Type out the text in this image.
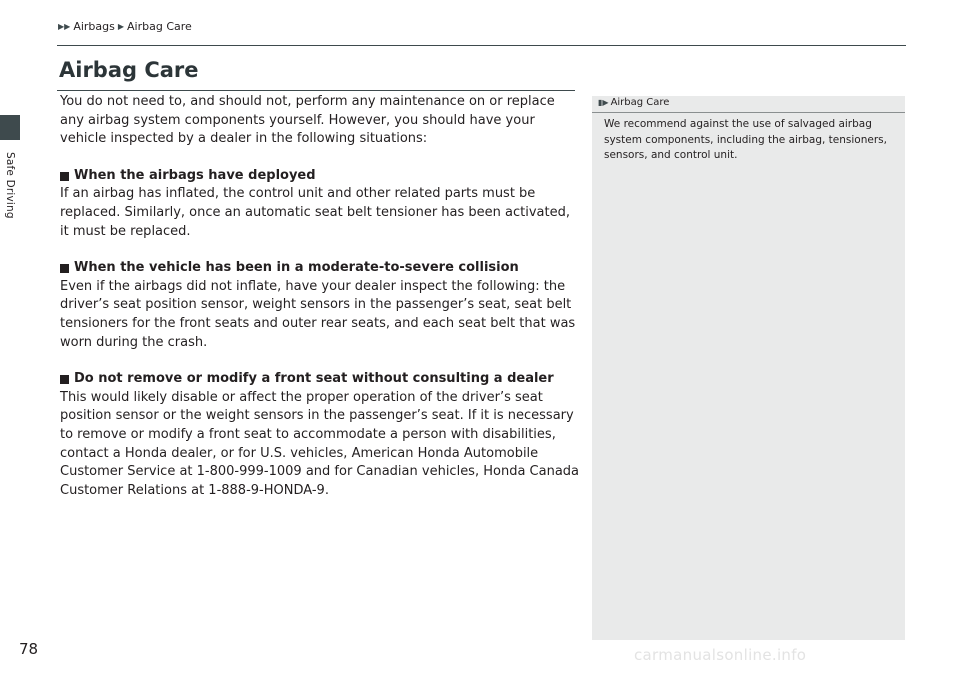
Safe Driving
▶▶ Airbags ▶ Airbag Care
Airbag Care

You do not need to, and should not, perform any maintenance on or replace any airbag system components yourself. However, you should have your vehicle inspected by a dealer in the following situations:

When the airbags have deployed

If an airbag has inflated, the control unit and other related parts must be replaced. Similarly, once an automatic seat belt tensioner has been activated, it must be replaced.

When the vehicle has been in a moderate-to-severe collision

Even if the airbags did not inflate, have your dealer inspect the following: the driver’s seat position sensor, weight sensors in the passenger’s seat, seat belt tensioners for the front seats and outer rear seats, and each seat belt that was worn during the crash.

Do not remove or modify a front seat without consulting a dealer

This would likely disable or affect the proper operation of the driver’s seat position sensor or the weight sensors in the passenger’s seat. If it is necessary to remove or modify a front seat to accommodate a person with disabilities, contact a Honda dealer, or for U.S. vehicles, American Honda Automobile Customer Service at 1-800-999-1009 and for Canadian vehicles, Honda Canada Customer Relations at 1-888-9-HONDA-9.

▮▶ Airbag Care
We recommend against the use of salvaged airbag system components, including the airbag, tensioners, sensors, and control unit.
78	carmanualsonline.info
